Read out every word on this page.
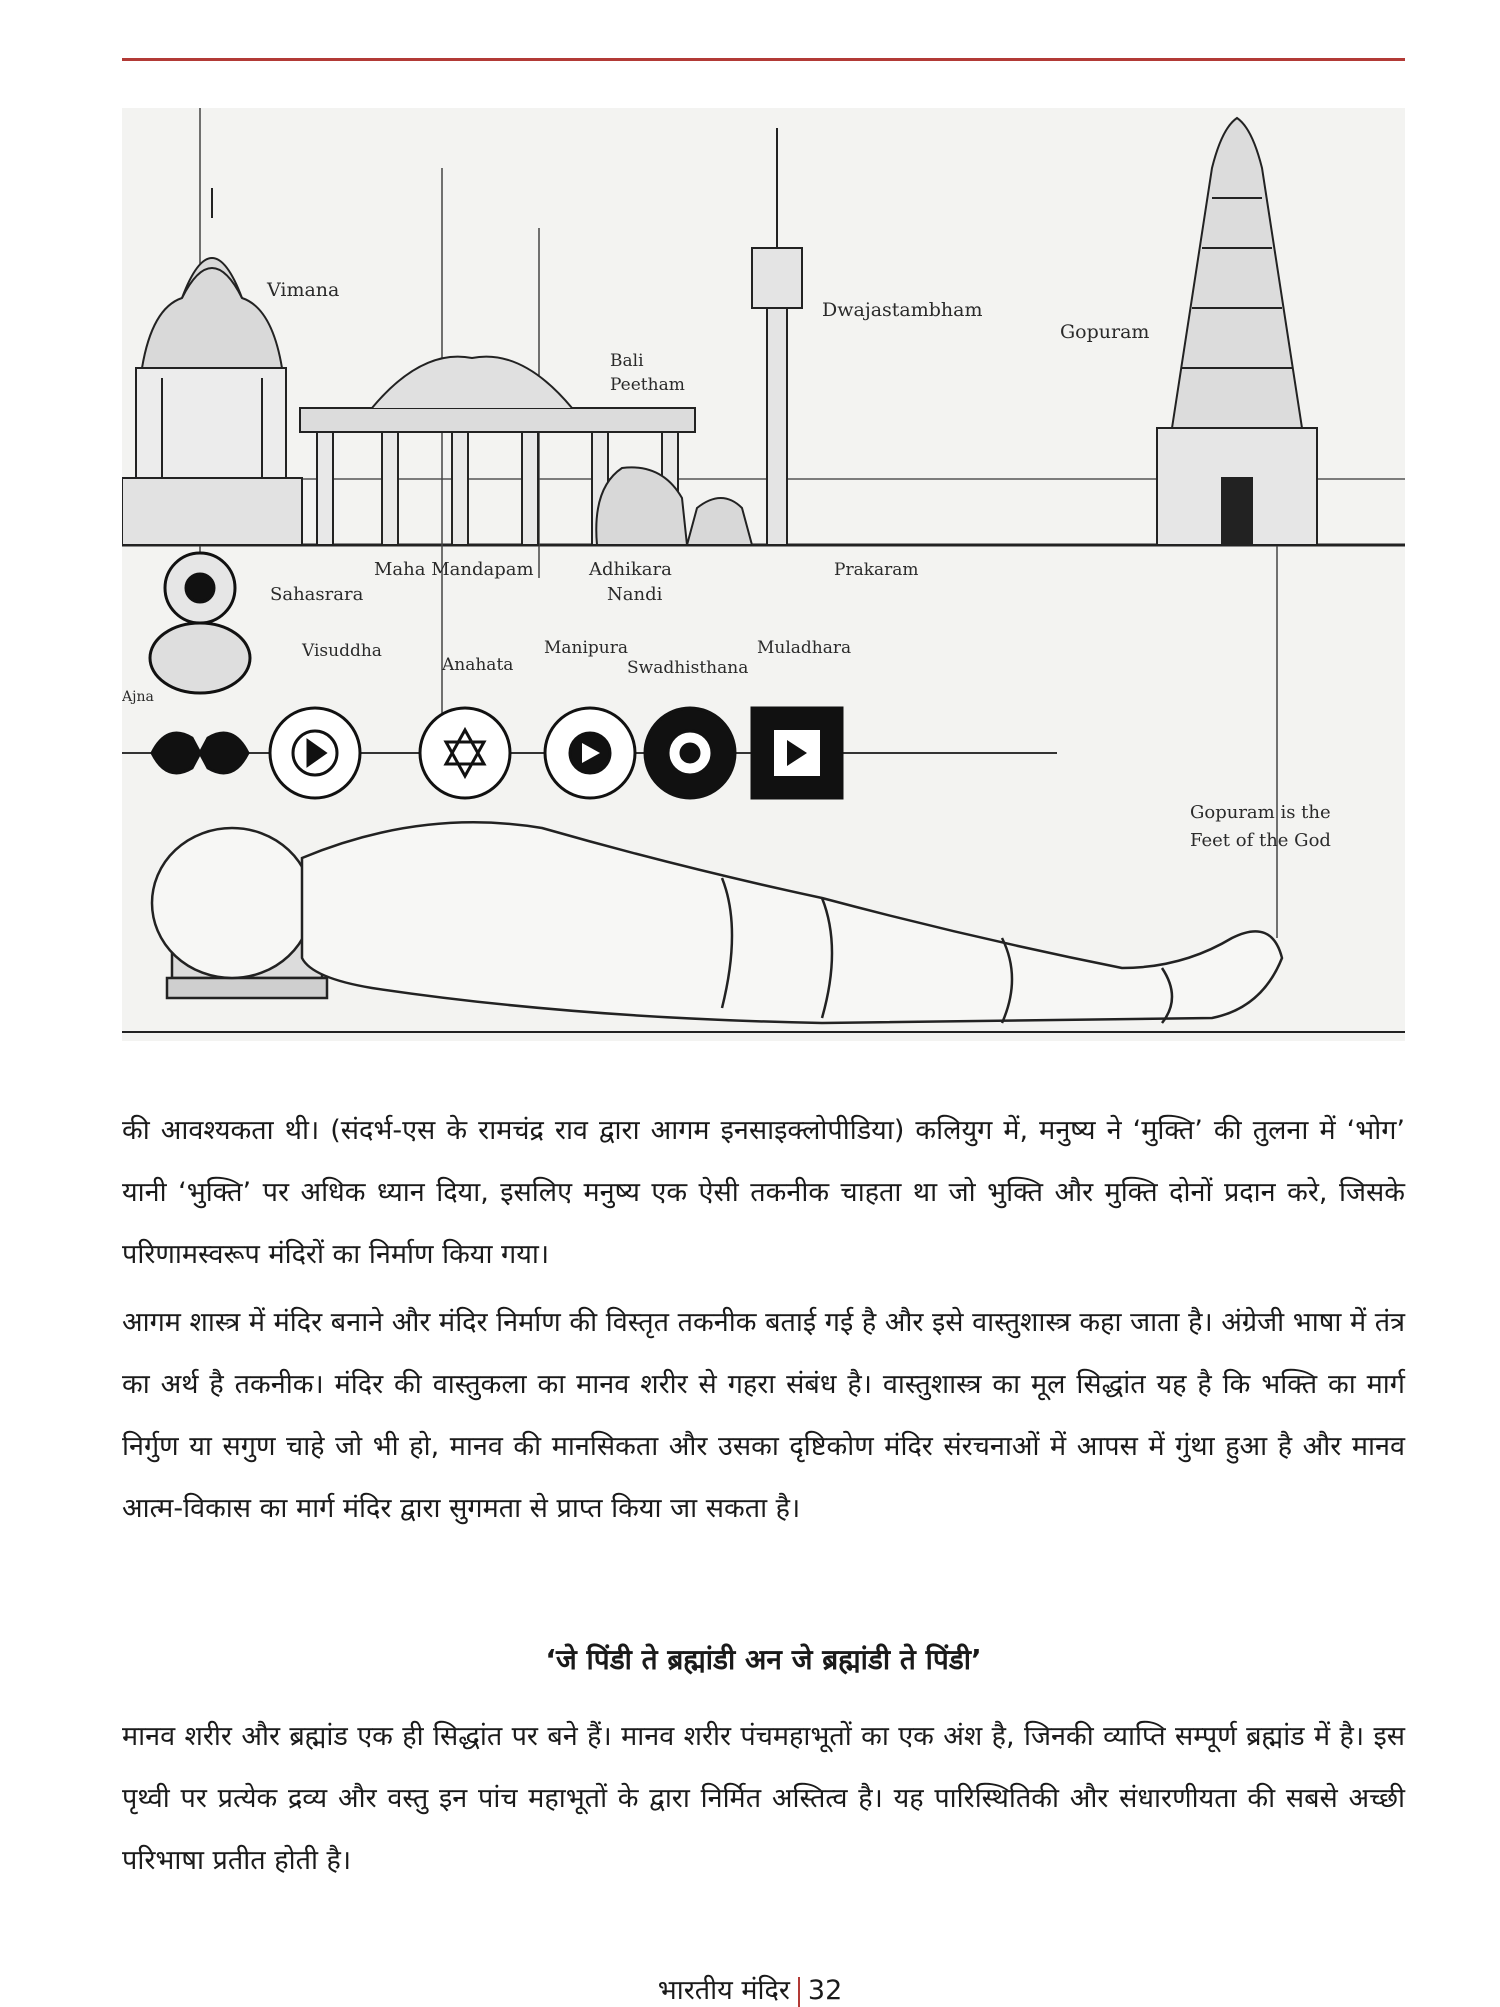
Vimana
Dwajastambham
Gopuram
Bali
Peetham
Maha Mandapam	Adhikara
Nandi
Prakaram
Sahasrara
Visuddha
Anahata
Manipura
Swadhisthana
Muladhara
Ajna
Gopuram is the
Feet of the God

की आवश्यकता थी। (संदर्भ-एस के रामचंद्र राव द्वारा आगम इनसाइक्लोपीडिया) कलियुग में, मनुष्य ने ‘मुक्ति’ की तुलना में ‘भोग’ यानी ‘भुक्ति’ पर अधिक ध्यान दिया, इसलिए मनुष्य एक ऐसी तकनीक चाहता था जो भुक्ति और मुक्ति दोनों प्रदान करे, जिसके परिणामस्वरूप मंदिरों का निर्माण किया गया।

आगम शास्त्र में मंदिर बनाने और मंदिर निर्माण की विस्तृत तकनीक बताई गई है और इसे वास्तुशास्त्र कहा जाता है। अंग्रेजी भाषा में तंत्र का अर्थ है तकनीक। मंदिर की वास्तुकला का मानव शरीर से गहरा संबंध है। वास्तुशास्त्र का मूल सिद्धांत यह है कि भक्ति का मार्ग निर्गुण या सगुण चाहे जो भी हो, मानव की मानसिकता और उसका दृष्टिकोण मंदिर संरचनाओं में आपस में गुंथा हुआ है और मानव आत्म-विकास का मार्ग मंदिर द्वारा सुगमता से प्राप्त किया जा सकता है।

‘जे पिंडी ते ब्रह्मांडी अन जे ब्रह्मांडी ते पिंडी’

मानव शरीर और ब्रह्मांड एक ही सिद्धांत पर बने हैं। मानव शरीर पंचमहाभूतों का एक अंश है, जिनकी व्याप्ति सम्पूर्ण ब्रह्मांड में है। इस पृथ्वी पर प्रत्येक द्रव्य और वस्तु इन पांच महाभूतों के द्वारा निर्मित अस्तित्व है। यह पारिस्थितिकी और संधारणीयता की सबसे अच्छी परिभाषा प्रतीत होती है।

भारतीय मंदिर 32
